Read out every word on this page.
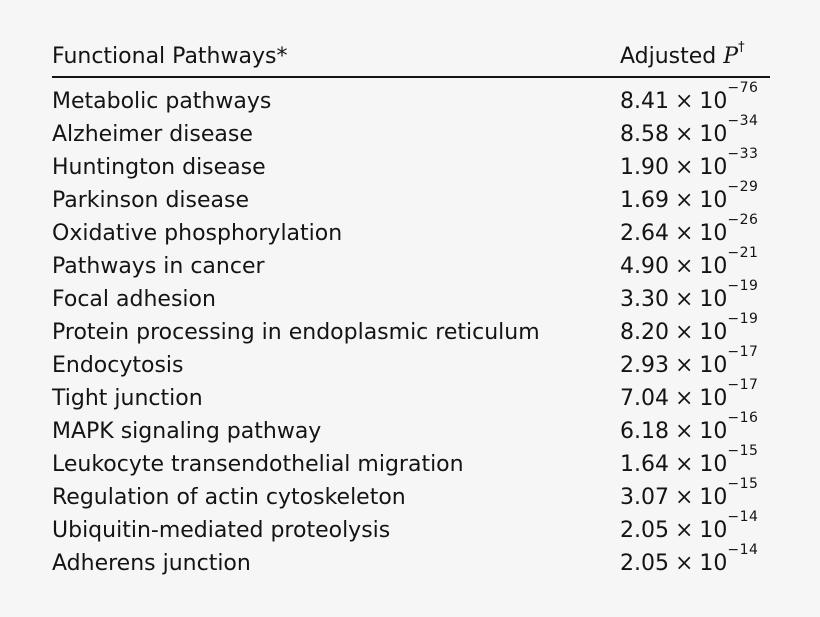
Functional Pathways*	Adjusted P†
Metabolic pathways	$8.41 \times 10^{-76}$
Alzheimer disease	$8.58 \times 10^{-34}$
Huntington disease	$1.90 \times 10^{-33}$
Parkinson disease	$1.69 \times 10^{-29}$
Oxidative phosphorylation	$2.64 \times 10^{-26}$
Pathways in cancer	$4.90 \times 10^{-21}$
Focal adhesion	$3.30 \times 10^{-19}$
Protein processing in endoplasmic reticulum	$8.20 \times 10^{-19}$
Endocytosis	$2.93 \times 10^{-17}$
Tight junction	$7.04 \times 10^{-17}$
MAPK signaling pathway	$6.18 \times 10^{-16}$
Leukocyte transendothelial migration	$1.64 \times 10^{-15}$
Regulation of actin cytoskeleton	$3.07 \times 10^{-15}$
Ubiquitin-mediated proteolysis	$2.05 \times 10^{-14}$
Adherens junction	$2.05 \times 10^{-14}$
